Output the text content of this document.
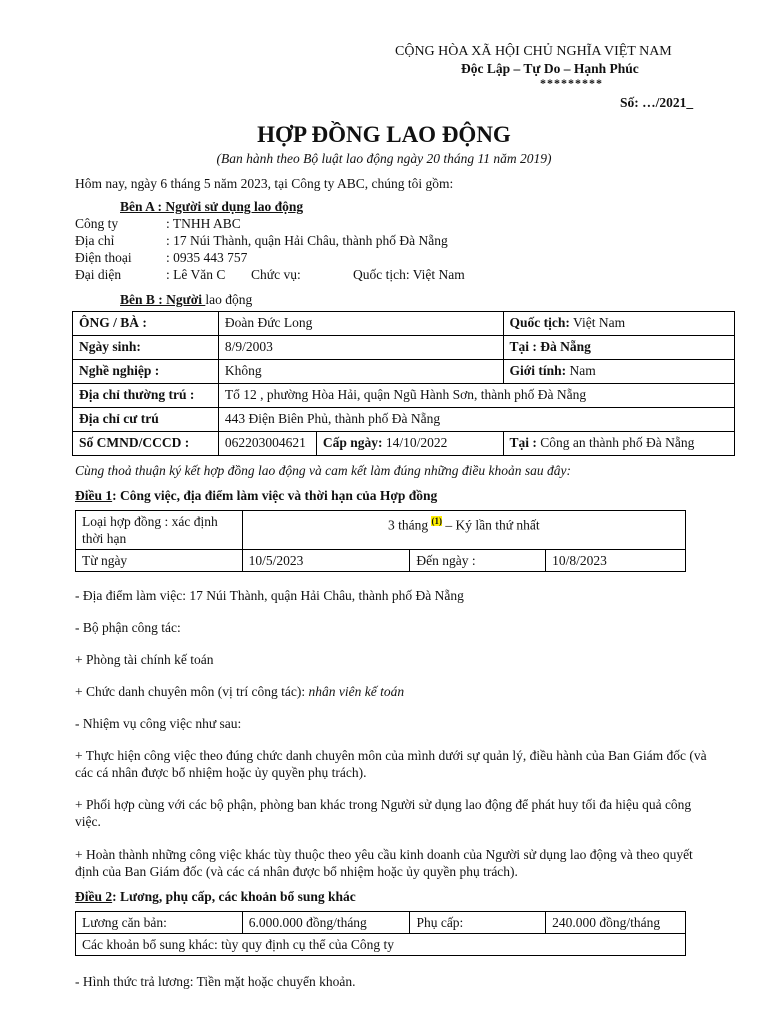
CỘNG HÒA XÃ HỘI CHỦ NGHĨA VIỆT NAM
Độc Lập – Tự Do – Hạnh Phúc
*********
Số: …/2021_
HỢP ĐỒNG LAO ĐỘNG
(Ban hành theo Bộ luật lao động ngày 20 tháng 11 năm 2019)
Hôm nay, ngày 6 tháng 5 năm 2023, tại Công ty ABC, chúng tôi gồm:
Bên A : Người sử dụng lao động
Công ty	: TNHH ABC
Địa chỉ	: 17 Núi Thành, quận Hải Châu, thành phố Đà Nẵng
Điện thoại	: 0935 443 757
Đại diện	: Lê Văn C Chức vụ:	Quốc tịch: Việt Nam
Bên B : Người lao động
ÔNG / BÀ :	Đoàn Đức Long		Quốc tịch: Việt Nam
Ngày sinh:	8/9/2003		Tại : Đà Nẵng
Nghề nghiệp :	Không		Giới tính: Nam
Địa chỉ thường trú :	Tổ 12 , phường Hòa Hải, quận Ngũ Hành Sơn, thành phố Đà Nẵng		
Địa chỉ cư trú	443 Điện Biên Phủ, thành phố Đà Nẵng		
Số CMND/CCCD :	062203004621	Cấp ngày: 14/10/2022	Tại : Công an thành phố Đà Nẵng
Cùng thoả thuận ký kết hợp đồng lao động và cam kết làm đúng những điều khoản sau đây:
Điều 1: Công việc, địa điểm làm việc và thời hạn của Hợp đồng
Loại hợp đồng : xác định thời hạn	3 tháng $^{(1)}$ – Ký lần thứ nhất		
Từ ngày	10/5/2023	Đến ngày :	10/8/2023
- Địa điểm làm việc: 17 Núi Thành, quận Hải Châu, thành phố Đà Nẵng
- Bộ phận công tác:
+ Phòng tài chính kế toán
+ Chức danh chuyên môn (vị trí công tác): nhân viên kế toán
- Nhiệm vụ công việc như sau:
+ Thực hiện công việc theo đúng chức danh chuyên môn của mình dưới sự quản lý, điều hành của Ban Giám đốc (và các cá nhân được bổ nhiệm hoặc ủy quyền phụ trách).
+ Phối hợp cùng với các bộ phận, phòng ban khác trong Người sử dụng lao động để phát huy tối đa hiệu quả công việc.
+ Hoàn thành những công việc khác tùy thuộc theo yêu cầu kinh doanh của Người sử dụng lao động và theo quyết định của Ban Giám đốc (và các cá nhân được bổ nhiệm hoặc ủy quyền phụ trách).
Điều 2: Lương, phụ cấp, các khoản bổ sung khác
Lương căn bản:	6.000.000 đồng/tháng	Phụ cấp:	240.000 đồng/tháng
Các khoản bổ sung khác: tùy quy định cụ thể của Công ty
- Hình thức trả lương: Tiền mặt hoặc chuyển khoản.
